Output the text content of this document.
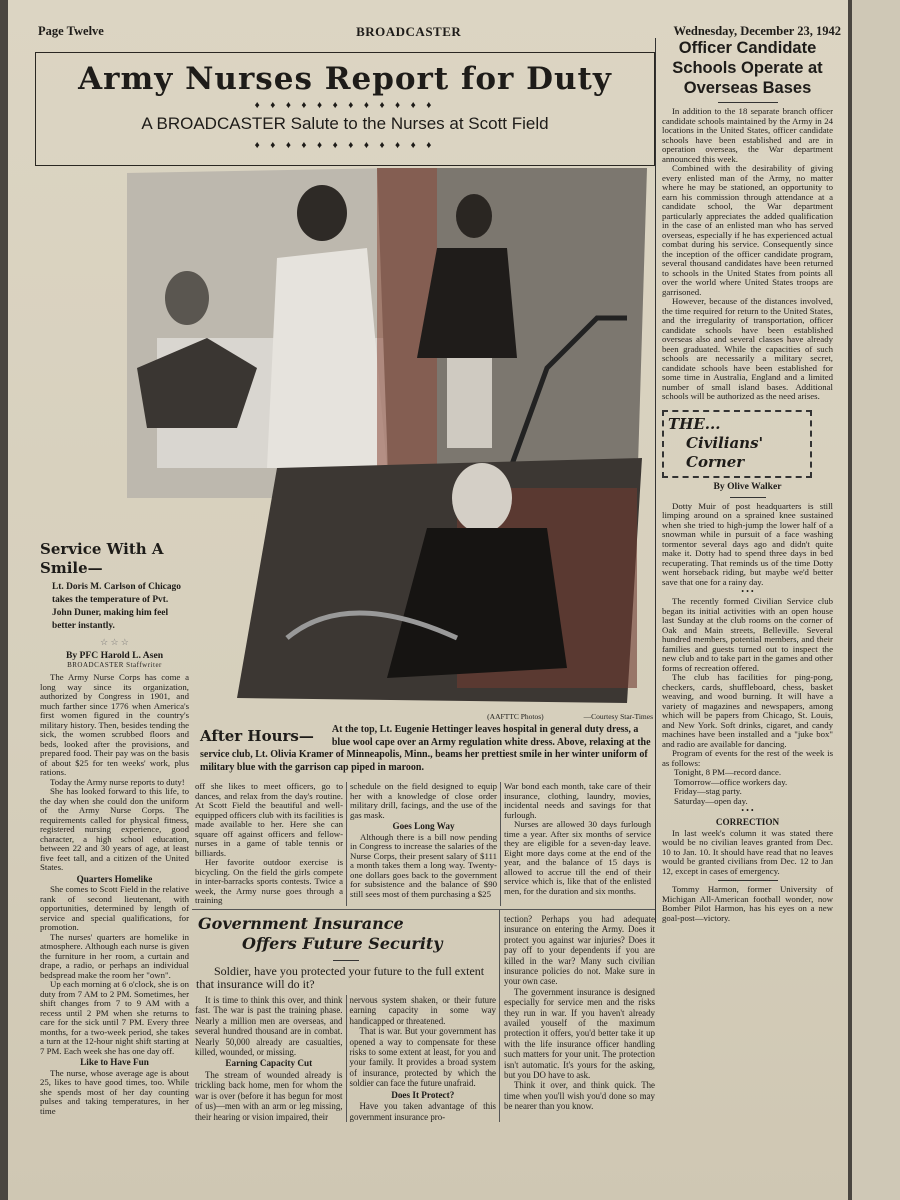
Page Twelve	BROADCASTER	Wednesday, December 23, 1942
Army Nurses Report for Duty
♦ ♦ ♦ ♦ ♦ ♦ ♦ ♦ ♦ ♦ ♦ ♦
A BROADCASTER Salute to the Nurses at Scott Field
♦ ♦ ♦ ♦ ♦ ♦ ♦ ♦ ♦ ♦ ♦ ♦
Service With A Smile—
Lt. Doris M. Carlson of Chicago takes the temperature of Pvt. John Duner, making him feel better instantly.
☆ ☆ ☆
By PFC Harold L. Asen
BROADCASTER Staffwriter

The Army Nurse Corps has come a long way since its organization, authorized by Congress in 1901, and much farther since 1776 when America's first women figured in the country's military history. Then, besides tending the sick, the women scrubbed floors and beds, looked after the provisions, and prepared food. Their pay was on the basis of about $25 for ten weeks' work, plus rations.

Today the Army nurse reports to duty!

She has looked forward to this life, to the day when she could don the uniform of the Army Nurse Corps. The requirements called for physical fitness, registered nursing experience, good character, a high school education, between 22 and 30 years of age, at least five feet tall, and a citizen of the United States.

Quarters Homelike

She comes to Scott Field in the relative rank of second lieutenant, with opportunities, determined by length of service and special qualifications, for promotion.

The nurses' quarters are homelike in atmosphere. Although each nurse is given the furniture in her room, a curtain and drape, a radio, or perhaps an individual bedspread make the room her "own".

Up each morning at 6 o'clock, she is on duty from 7 AM to 2 PM. Sometimes, her shift changes from 7 to 9 AM with a recess until 2 PM when she returns to care for the sick until 7 PM. Every three months, for a two-week period, she takes a turn at the 12-hour night shift starting at 7 PM. Each week she has one day off.

Like to Have Fun

The nurse, whose average age is about 25, likes to have good times, too. While she spends most of her day counting pulses and taking temperatures, in her time

(AAFTTC Photos)	—Courtesy Star-Times
After Hours— At the top, Lt. Eugenie Hettinger leaves hospital in general duty dress, a blue wool cape over an Army regulation white dress. Above, relaxing at the service club, Lt. Olivia Kramer of Minneapolis, Minn., beams her prettiest smile in her winter uniform of military blue with the garrison cap piped in maroon.

off she likes to meet officers, go to dances, and relax from the day's routine. At Scott Field the beautiful and well-equipped officers club with its facilities is made available to her. Here she can square off against officers and fellow-nurses in a game of table tennis or billiards.

Her favorite outdoor exercise is bicycling. On the field the girls compete in inter-barracks sports contests. Twice a week, the Army nurse goes through a training

schedule on the field designed to equip her with a knowledge of close order military drill, facings, and the use of the gas mask.

Goes Long Way

Although there is a bill now pending in Congress to increase the salaries of the Nurse Corps, their present salary of $111 a month takes them a long way. Twenty-one dollars goes back to the government for subsistence and the balance of $90 still sees most of them purchasing a $25

War bond each month, take care of their insurance, clothing, laundry, movies, incidental needs and savings for that furlough.

Nurses are allowed 30 days furlough time a year. After six months of service they are eligible for a seven-day leave. Eight more days come at the end of the year, and the balance of 15 days is allowed to accrue till the end of their service which is, like that of the enlisted men, for the duration and six months.

Government Insurance
Offers Future Security
Soldier, have you protected your future to the full extent that insurance will do it?

It is time to think this over, and think fast. The war is past the training phase. Nearly a million men are overseas, and several hundred thousand are in combat. Nearly 50,000 already are casualties, killed, wounded, or missing.

Earning Capacity Cut

The stream of wounded already is trickling back home, men for whom the war is over (before it has begun for most of us)—men with an arm or leg missing, their hearing or vision impaired, their

nervous system shaken, or their future earning capacity in some way handicapped or threatened.

That is war. But your government has opened a way to compensate for these risks to some extent at least, for you and your family. It provides a broad system of insurance, protected by which the soldier can face the future unafraid.

Does It Protect?

Have you taken advantage of this government insurance pro-

tection? Perhaps you had adequate insurance on entering the Army. Does it protect you against war injuries? Does it pay off to your dependents if you are killed in the war? Many such civilian insurance policies do not. Make sure in your own case.

The government insurance is designed especially for service men and the risks they run in war. If you haven't already availed youself of the maximum protection it offers, you'd better take it up with the life insurance officer handling such matters for your unit. The protection isn't automatic. It's yours for the asking, but you DO have to ask.

Think it over, and think quick. The time when you'll wish you'd done so may be nearer than you know.

Officer Candidate Schools Operate at Overseas Bases

In addition to the 18 separate branch officer candidate schools maintained by the Army in 24 locations in the United States, officer candidate schools have been established and are in operation overseas, the War department announced this week.

Combined with the desirability of giving every enlisted man of the Army, no matter where he may be stationed, an opportunity to earn his commission through attendance at a candidate school, the War department particularly appreciates the added qualification in the case of an enlisted man who has served overseas, especially if he has experienced actual combat during his service. Consequently since the inception of the officer candidate program, several thousand candidates have been returned to schools in the United States from points all over the world where United States troops are garrisoned.

However, because of the distances involved, the time required for return to the United States, and the irregularity of transportation, officer candidate schools have been established overseas also and several classes have already been graduated. While the capacities of such schools are necessarily a military secret, candidate schools have been established for some time in Australia, England and a limited number of small island bases. Additional schools will be authorized as the need arises.

THE...
Civilians'
Corner
By Olive Walker

Dotty Muir of post headquarters is still limping around on a sprained knee sustained when she tried to high-jump the lower half of a snowman while in pursuit of a face washing tormentor several days ago and didn't quite make it. Dotty had to spend three days in bed recuperating. That reminds us of the time Dotty went horseback riding, but maybe we'd better save that one for a rainy day.

• • •

The recently formed Civilian Service club began its initial activities with an open house last Sunday at the club rooms on the corner of Oak and Main streets, Belleville. Several hundred members, potential members, and their families and guests turned out to inspect the new club and to take part in the games and other forms of recreation offered.

The club has facilities for ping-pong, checkers, cards, shuffleboard, chess, basket weaving, and wood burning. It will have a variety of magazines and newspapers, among which will be papers from Chicago, St. Louis, and New York. Soft drinks, cigaret, and candy machines have been installed and a "juke box" and radio are available for dancing.

Program of events for the rest of the week is as follows:

Tonight, 8 PM—record dance.
Tomorrow—office workers day.
Friday—stag party.
Saturday—open day.
• • •
CORRECTION

In last week's column it was stated there would be no civilian leaves granted from Dec. 10 to Jan. 10. It should have read that no leaves would be granted civilians from Dec. 12 to Jan 12, except in cases of emergency.

Tommy Harmon, former University of Michigan All-American football wonder, now Bomber Pilot Harmon, has his eyes on a new goal-post—victory.
